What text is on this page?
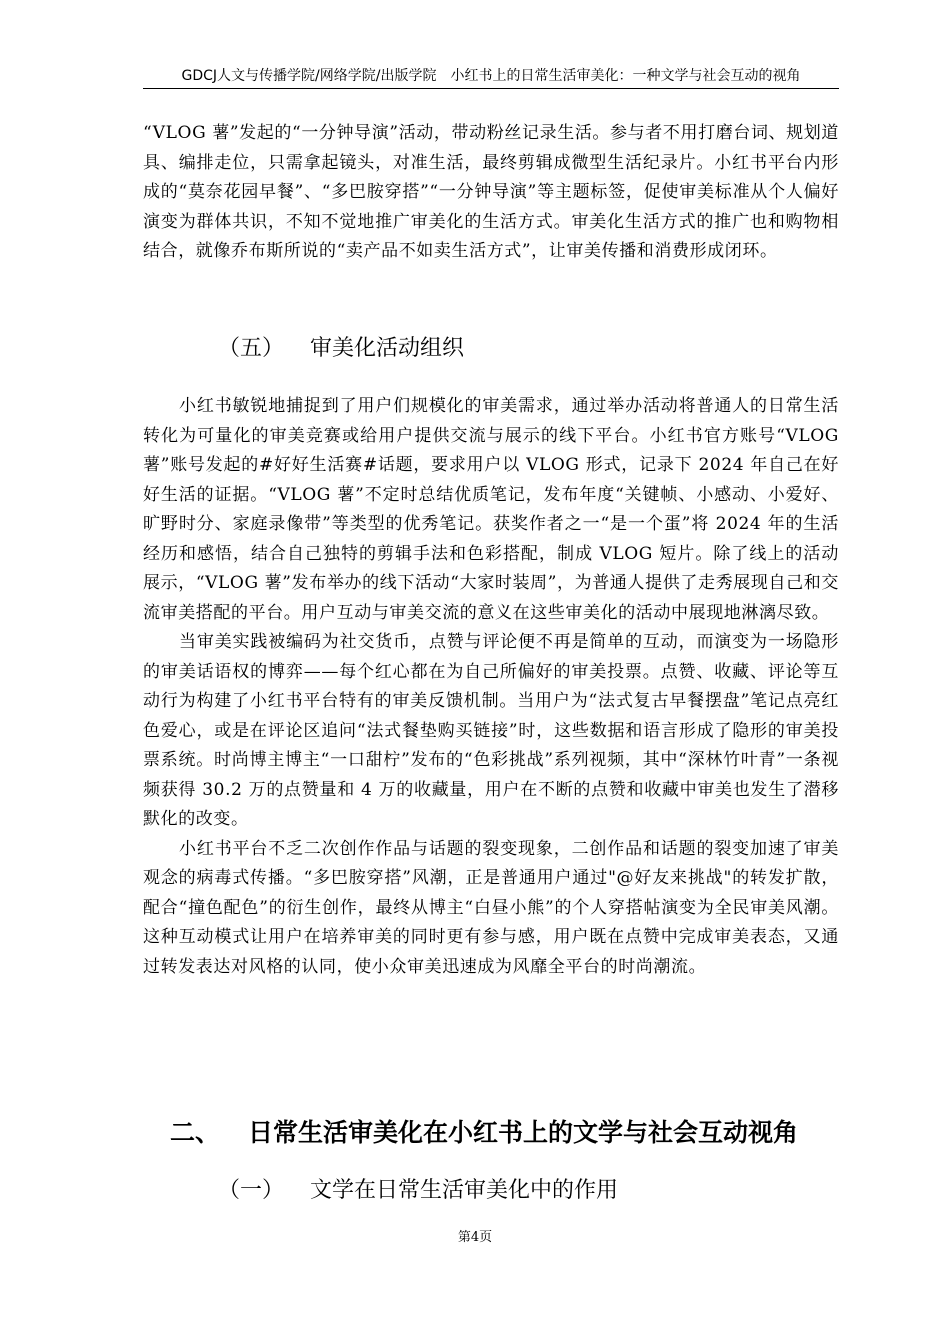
GDCJ人文与传播学院/网络学院/出版学院　小红书上的日常生活审美化：一种文学与社会互动的视角

“VLOG 薯”发起的“一分钟导演”活动，带动粉丝记录生活。参与者不用打磨台词、规划道具、编排走位，只需拿起镜头，对准生活，最终剪辑成微型生活纪录片。小红书平台内形成的“莫奈花园早餐”、“多巴胺穿搭”“一分钟导演”等主题标签，促使审美标准从个人偏好演变为群体共识，不知不觉地推广审美化的生活方式。审美化生活方式的推广也和购物相结合，就像乔布斯所说的“卖产品不如卖生活方式”，让审美传播和消费形成闭环。

（五） 审美化活动组织

小红书敏锐地捕捉到了用户们规模化的审美需求，通过举办活动将普通人的日常生活转化为可量化的审美竞赛或给用户提供交流与展示的线下平台。小红书官方账号“VLOG 薯”账号发起的#好好生活赛#话题，要求用户以 VLOG 形式，记录下 2024 年自己在好好生活的证据。“VLOG 薯”不定时总结优质笔记，发布年度“关键帧、小感动、小爱好、旷野时分、家庭录像带”等类型的优秀笔记。获奖作者之一“是一个蛋”将 2024 年的生活经历和感悟，结合自己独特的剪辑手法和色彩搭配，制成 VLOG 短片。除了线上的活动展示，“VLOG 薯”发布举办的线下活动“大家时装周”，为普通人提供了走秀展现自己和交流审美搭配的平台。用户互动与审美交流的意义在这些审美化的活动中展现地淋漓尽致。

当审美实践被编码为社交货币，点赞与评论便不再是简单的互动，而演变为一场隐形的审美话语权的博弈——每个红心都在为自己所偏好的审美投票。点赞、收藏、评论等互动行为构建了小红书平台特有的审美反馈机制。当用户为“法式复古早餐摆盘”笔记点亮红色爱心，或是在评论区追问“法式餐垫购买链接”时，这些数据和语言形成了隐形的审美投票系统。时尚博主博主“一口甜柠”发布的“色彩挑战”系列视频，其中“深林竹叶青”一条视频获得 30.2 万的点赞量和 4 万的收藏量，用户在不断的点赞和收藏中审美也发生了潜移默化的改变。

小红书平台不乏二次创作作品与话题的裂变现象，二创作品和话题的裂变加速了审美观念的病毒式传播。“多巴胺穿搭”风潮，正是普通用户通过"@好友来挑战"的转发扩散，配合“撞色配色”的衍生创作，最终从博主“白昼小熊”的个人穿搭帖演变为全民审美风潮。这种互动模式让用户在培养审美的同时更有参与感，用户既在点赞中完成审美表态，又通过转发表达对风格的认同，使小众审美迅速成为风靡全平台的时尚潮流。

二、 日常生活审美化在小红书上的文学与社会互动视角
（一） 文学在日常生活审美化中的作用
第4页
